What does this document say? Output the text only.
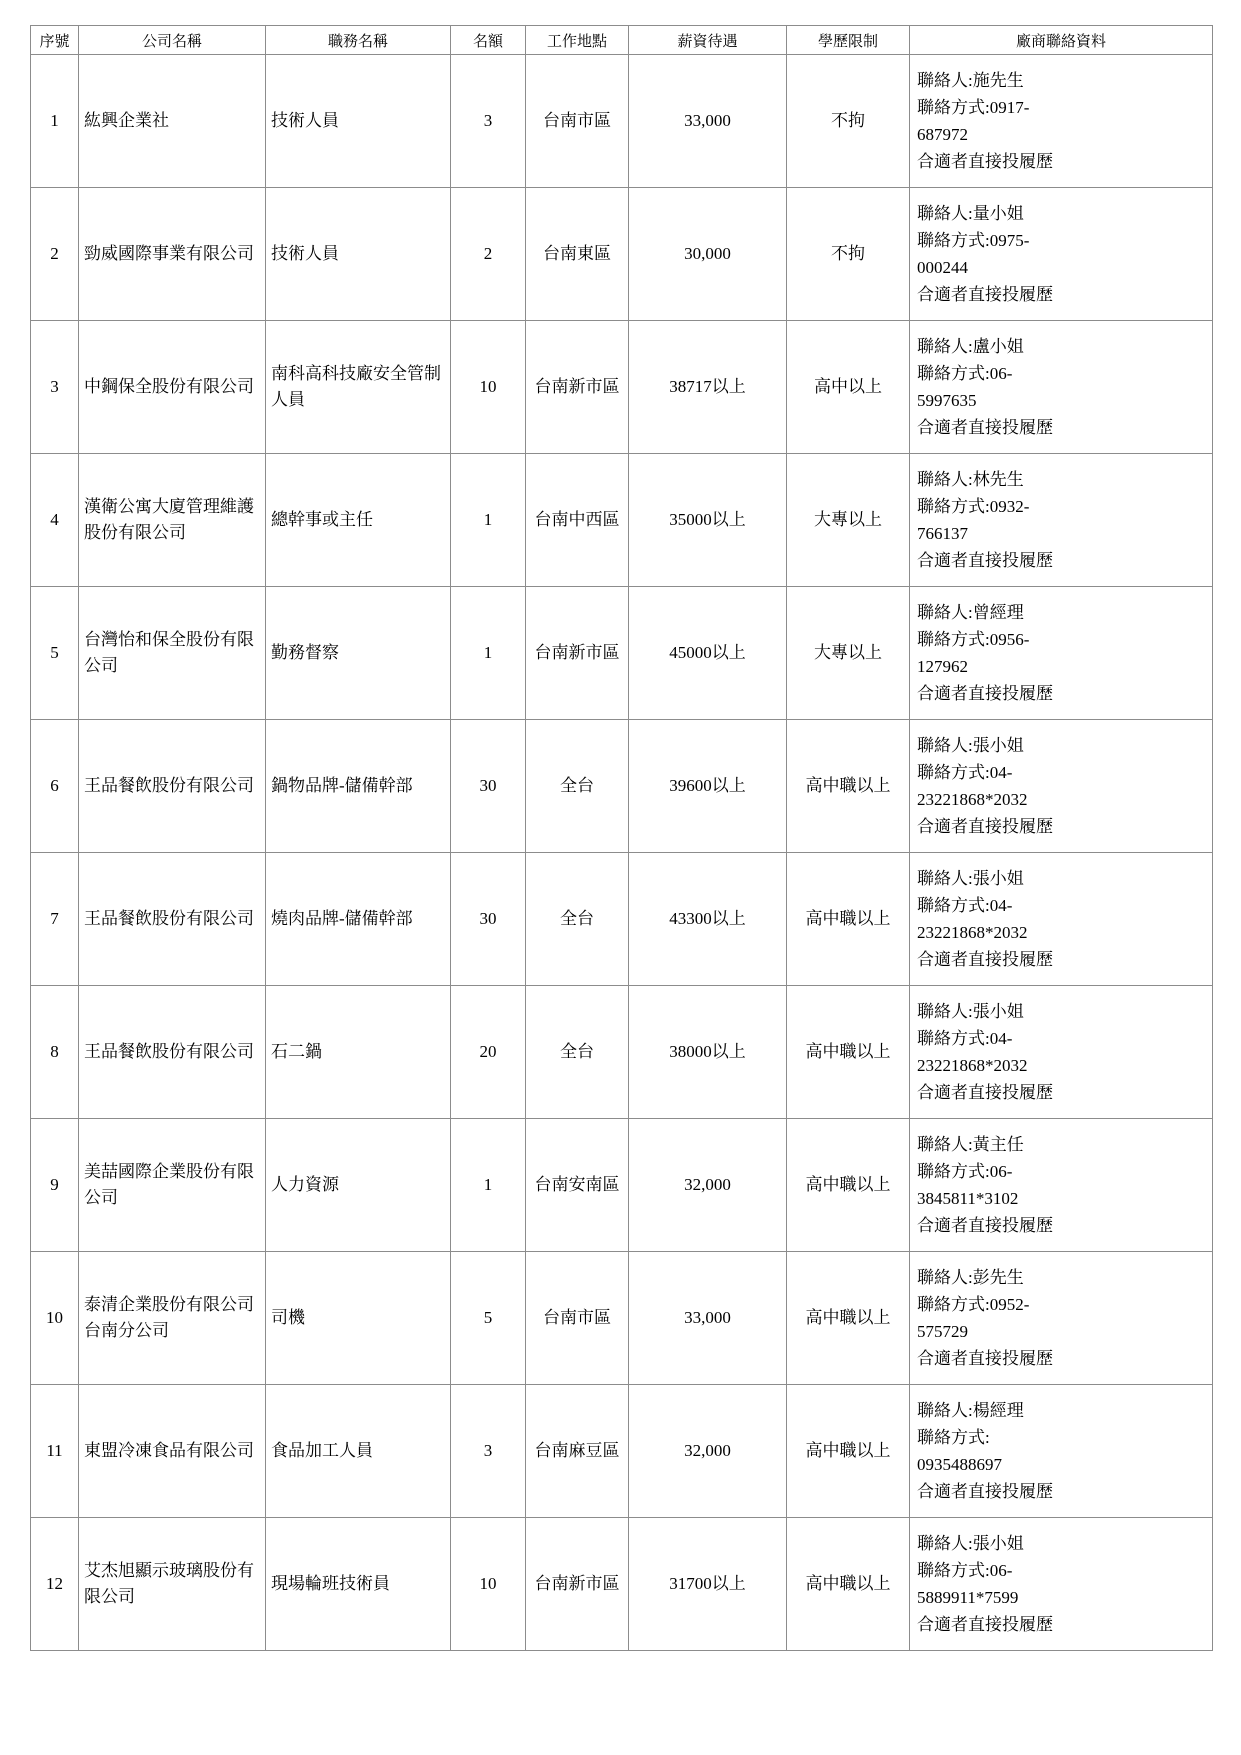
序號	公司名稱	職務名稱	名額	工作地點	薪資待遇	學歷限制	廠商聯絡資料
1	紘興企業社	技術人員	3	台南市區	33,000	不拘	聯絡人:施先生
聯絡方式:0917-
687972
合適者直接投履歷

2	勁威國際事業有限公司	技術人員	2	台南東區	30,000	不拘	聯絡人:量小姐
聯絡方式:0975-
000244
合適者直接投履歷

3	中鋼保全股份有限公司	南科高科技廠安全管制人員	10	台南新市區	38717以上	高中以上	聯絡人:盧小姐
聯絡方式:06-
5997635
合適者直接投履歷

4	漢衛公寓大廈管理維護股份有限公司	總幹事或主任	1	台南中西區	35000以上	大專以上	聯絡人:林先生
聯絡方式:0932-
766137
合適者直接投履歷

5	台灣怡和保全股份有限公司	勤務督察	1	台南新市區	45000以上	大專以上	聯絡人:曾經理
聯絡方式:0956-
127962
合適者直接投履歷

6	王品餐飲股份有限公司	鍋物品牌-儲備幹部	30	全台	39600以上	高中職以上	聯絡人:張小姐
聯絡方式:04-
23221868*2032
合適者直接投履歷

7	王品餐飲股份有限公司	燒肉品牌-儲備幹部	30	全台	43300以上	高中職以上	聯絡人:張小姐
聯絡方式:04-
23221868*2032
合適者直接投履歷

8	王品餐飲股份有限公司	石二鍋	20	全台	38000以上	高中職以上	聯絡人:張小姐
聯絡方式:04-
23221868*2032
合適者直接投履歷

9	美喆國際企業股份有限公司	人力資源	1	台南安南區	32,000	高中職以上	聯絡人:黃主任
聯絡方式:06-
3845811*3102
合適者直接投履歷

10	泰清企業股份有限公司台南分公司	司機	5	台南市區	33,000	高中職以上	聯絡人:彭先生
聯絡方式:0952-
575729
合適者直接投履歷

11	東盟冷凍食品有限公司	食品加工人員	3	台南麻豆區	32,000	高中職以上	聯絡人:楊經理
聯絡方式:
0935488697
合適者直接投履歷

12	艾杰旭顯示玻璃股份有限公司	現場輪班技術員	10	台南新市區	31700以上	高中職以上	聯絡人:張小姐
聯絡方式:06-
5889911*7599
合適者直接投履歷
